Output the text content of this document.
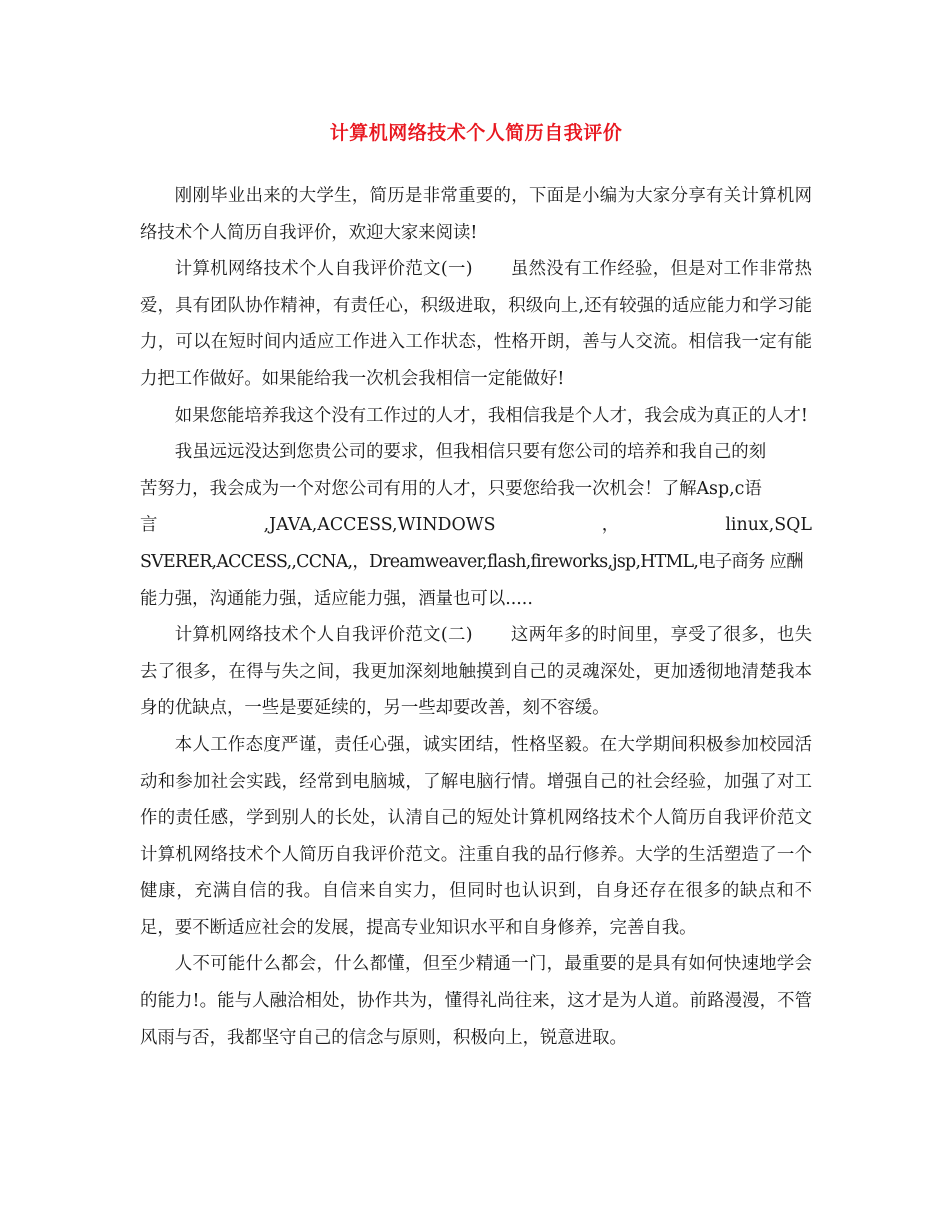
计算机网络技术个人简历自我评价

刚刚毕业出来的大学生，简历是非常重要的，下面是小编为大家分享有关计算机网络技术个人简历自我评价，欢迎大家来阅读!

计算机网络技术个人自我评价范文(一) 虽然没有工作经验，但是对工作非常热爱，具有团队协作精神，有责任心，积级进取，积级向上,还有较强的适应能力和学习能力，可以在短时间内适应工作进入工作状态，性格开朗，善与人交流。相信我一定有能力把工作做好。如果能给我一次机会我相信一定能做好!

如果您能培养我这个没有工作过的人才，我相信我是个人才，我会成为真正的人才!

我虽远远没达到您贵公司的要求，但我相信只要有您公司的培养和我自己的刻

苦努力，我会成为一个对您公司有用的人才，只要您给我一次机会！了解Asp,c语

言	,JAVA,ACCESS,WINDOWS	，	linux,SQL

SVERER,ACCESS,,CCNA,，Dreamweaver,flash,fireworks,jsp,HTML,电子商务 应酬

能力强，沟通能力强，适应能力强，酒量也可以.....

计算机网络技术个人自我评价范文(二) 这两年多的时间里，享受了很多，也失去了很多，在得与失之间，我更加深刻地触摸到自己的灵魂深处，更加透彻地清楚我本身的优缺点，一些是要延续的，另一些却要改善，刻不容缓。

本人工作态度严谨，责任心强，诚实团结，性格坚毅。在大学期间积极参加校园活动和参加社会实践，经常到电脑城，了解电脑行情。增强自己的社会经验，加强了对工作的责任感，学到别人的长处，认清自己的短处计算机网络技术个人简历自我评价范文计算机网络技术个人简历自我评价范文。注重自我的品行修养。大学的生活塑造了一个健康，充满自信的我。自信来自实力，但同时也认识到，自身还存在很多的缺点和不足，要不断适应社会的发展，提高专业知识水平和自身修养，完善自我。

人不可能什么都会，什么都懂，但至少精通一门，最重要的是具有如何快速地学会的能力!。能与人融洽相处，协作共为，懂得礼尚往来，这才是为人道。前路漫漫，不管风雨与否，我都坚守自己的信念与原则，积极向上，锐意进取。
